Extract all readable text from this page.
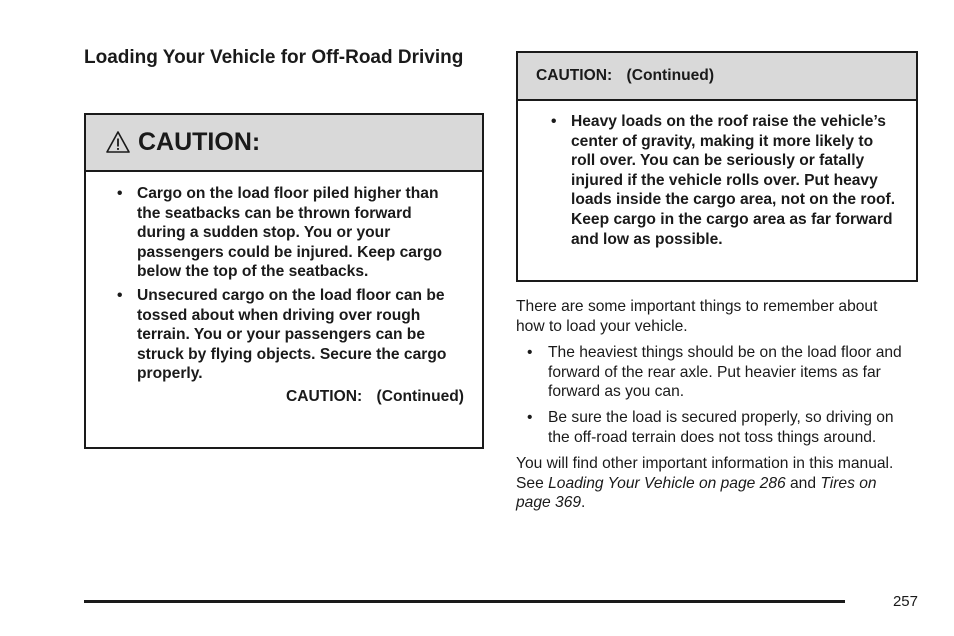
Loading Your Vehicle for Off-Road Driving
CAUTION:
• Cargo on the load floor piled higher than the seatbacks can be thrown forward during a sudden stop. You or your passengers could be injured. Keep cargo below the top of the seatbacks.
• Unsecured cargo on the load floor can be tossed about when driving over rough terrain. You or your passengers can be struck by flying objects. Secure the cargo properly.
CAUTION: (Continued)
CAUTION: (Continued)
• Heavy loads on the roof raise the vehicle’s center of gravity, making it more likely to roll over. You can be seriously or fatally injured if the vehicle rolls over. Put heavy loads inside the cargo area, not on the roof. Keep cargo in the cargo area as far forward and low as possible.

There are some important things to remember about how to load your vehicle.

• The heaviest things should be on the load floor and forward of the rear axle. Put heavier items as far forward as you can.
• Be sure the load is secured properly, so driving on the off-road terrain does not toss things around.

You will find other important information in this manual. See Loading Your Vehicle on page 286 and Tires on page 369.

257
